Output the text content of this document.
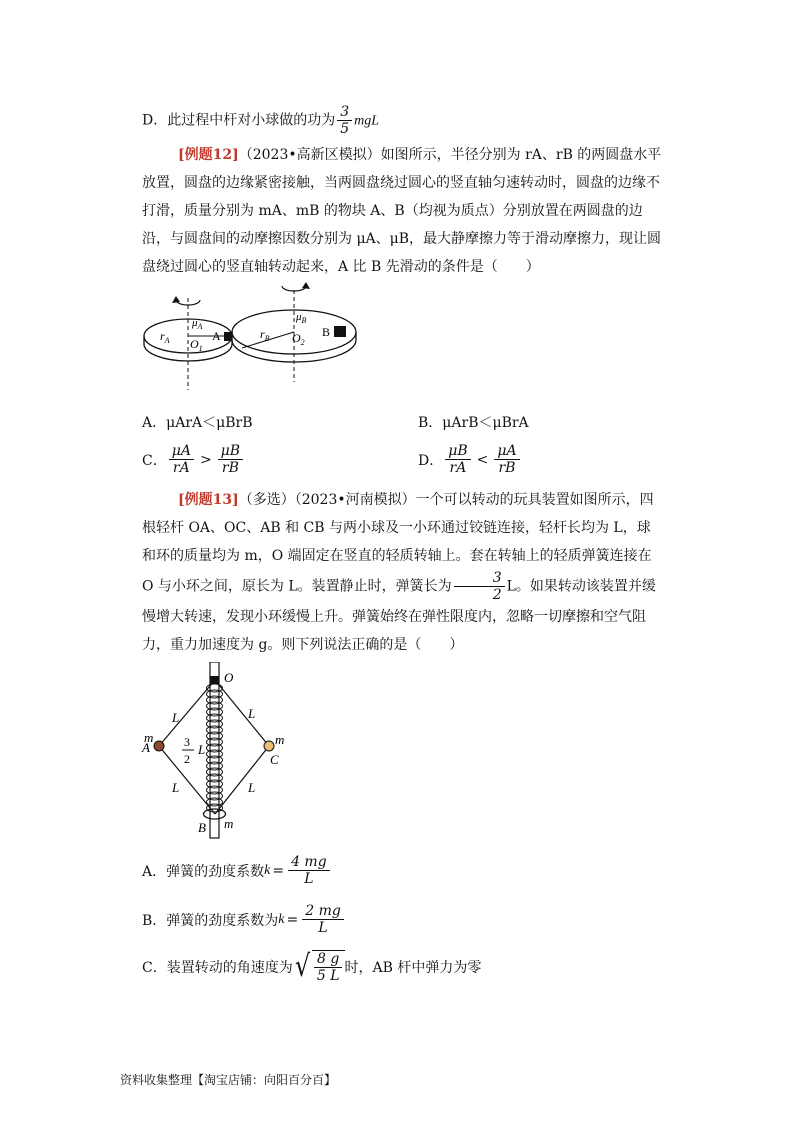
D．此过程中杆对小球做的功为 $\frac{3}{5}$ mgL
[例题12]（2023•高新区模拟）如图所示，半径分别为 rA、rB 的两圆盘水平放置，圆盘的边缘紧密接触，当两圆盘绕过圆心的竖直轴匀速转动时，圆盘的边缘不打滑，质量分别为 mA、mB 的物块 A、B（均视为质点）分别放置在两圆盘的边沿，与圆盘间的动摩擦因数分别为 μA、μB，最大静摩擦力等于滑动摩擦力，现让圆盘绕过圆心的竖直轴转动起来，A 比 B 先滑动的条件是（　　）
$r_A$
$\mu_A$
$O_1$
A	$r_B$
$\mu_B$
$O_2$
B
A．μArA＜μBrB	B．μArB＜μBrA
C． $\frac{\mu A}{rA} > \frac{\mu B}{rB}$	D． $\frac{\mu B}{rA} < \frac{\mu A}{rB}$
[例题13]（多选）（2023•河南模拟）一个可以转动的玩具装置如图所示，四根轻杆 OA、OC、AB 和 CB 与两小球及一小环通过铰链连接，轻杆长均为 L，球和环的质量均为 m，O 端固定在竖直的轻质转轴上。套在转轴上的轻质弹簧连接在 O 与小环之间，原长为 L。装置静止时，弹簧长为 $\frac{3}{2}$ L。如果转动该装置并缓慢增大转速，发现小环缓慢上升。弹簧始终在弹性限度内，忽略一切摩擦和空气阻力，重力加速度为 g。则下列说法正确的是（　　）
O
A
m
C
m
B m
L	L
L	L
L
3
2
A．弹簧的劲度系数 $k = \frac{4 mg}{L}$
B．弹簧的劲度系数为 $k = \frac{2 mg}{L}$
C．装置转动的角速度为 √ $\frac{8 g}{5 L}$ 时，AB 杆中弹力为零
资料收集整理【淘宝店铺：向阳百分百】
